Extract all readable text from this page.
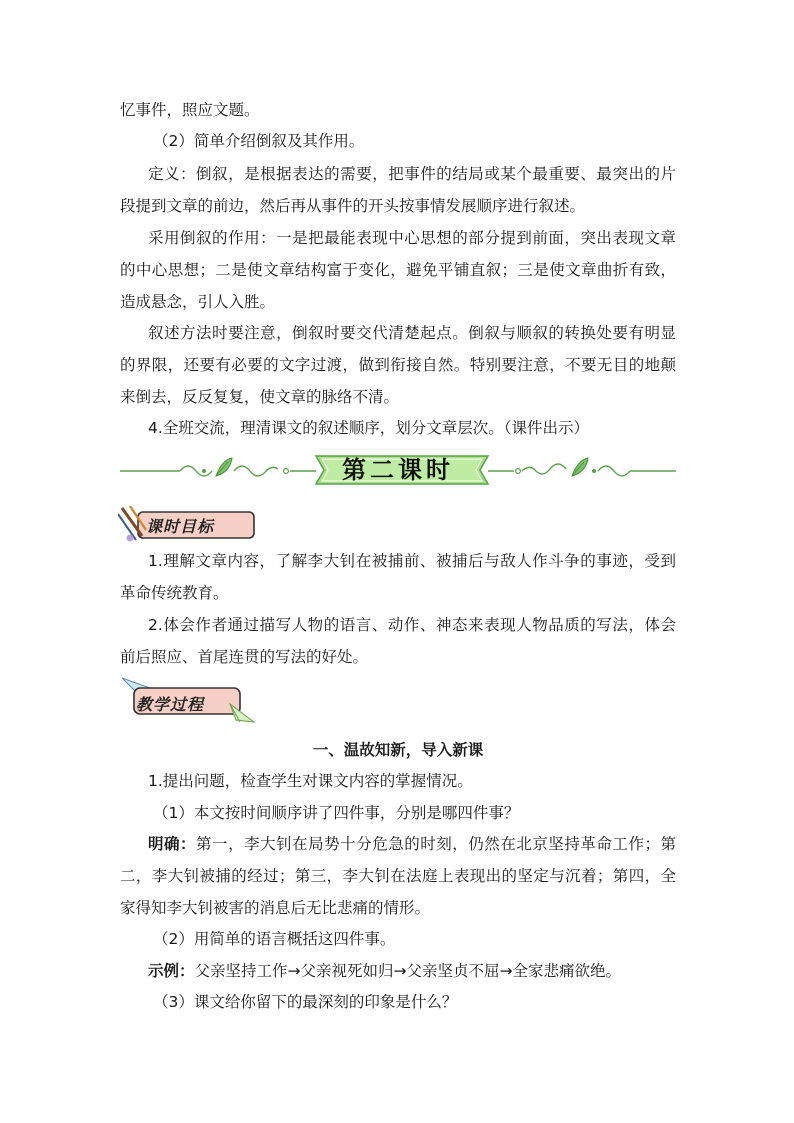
忆事件，照应文题。
（2）简单介绍倒叙及其作用。
定义：倒叙，是根据表达的需要，把事件的结局或某个最重要、最突出的片
段提到文章的前边，然后再从事件的开头按事情发展顺序进行叙述。
采用倒叙的作用：一是把最能表现中心思想的部分提到前面，突出表现文章
的中心思想；二是使文章结构富于变化，避免平铺直叙；三是使文章曲折有致，
造成悬念，引人入胜。
叙述方法时要注意，倒叙时要交代清楚起点。倒叙与顺叙的转换处要有明显
的界限，还要有必要的文字过渡，做到衔接自然。特别要注意，不要无目的地颠
来倒去，反反复复，使文章的脉络不清。
4.全班交流，理清课文的叙述顺序，划分文章层次。（课件出示）
第二课时
课时目标
1.理解文章内容，了解李大钊在被捕前、被捕后与敌人作斗争的事迹，受到
革命传统教育。
2.体会作者通过描写人物的语言、动作、神态来表现人物品质的写法，体会
前后照应、首尾连贯的写法的好处。
教学过程
一、温故知新，导入新课
1.提出问题，检查学生对课文内容的掌握情况。
（1）本文按时间顺序讲了四件事，分别是哪四件事？
明确：第一，李大钊在局势十分危急的时刻，仍然在北京坚持革命工作；第
二，李大钊被捕的经过；第三，李大钊在法庭上表现出的坚定与沉着；第四，全
家得知李大钊被害的消息后无比悲痛的情形。
（2）用简单的语言概括这四件事。
示例：父亲坚持工作→父亲视死如归→父亲坚贞不屈→全家悲痛欲绝。
（3）课文给你留下的最深刻的印象是什么？
